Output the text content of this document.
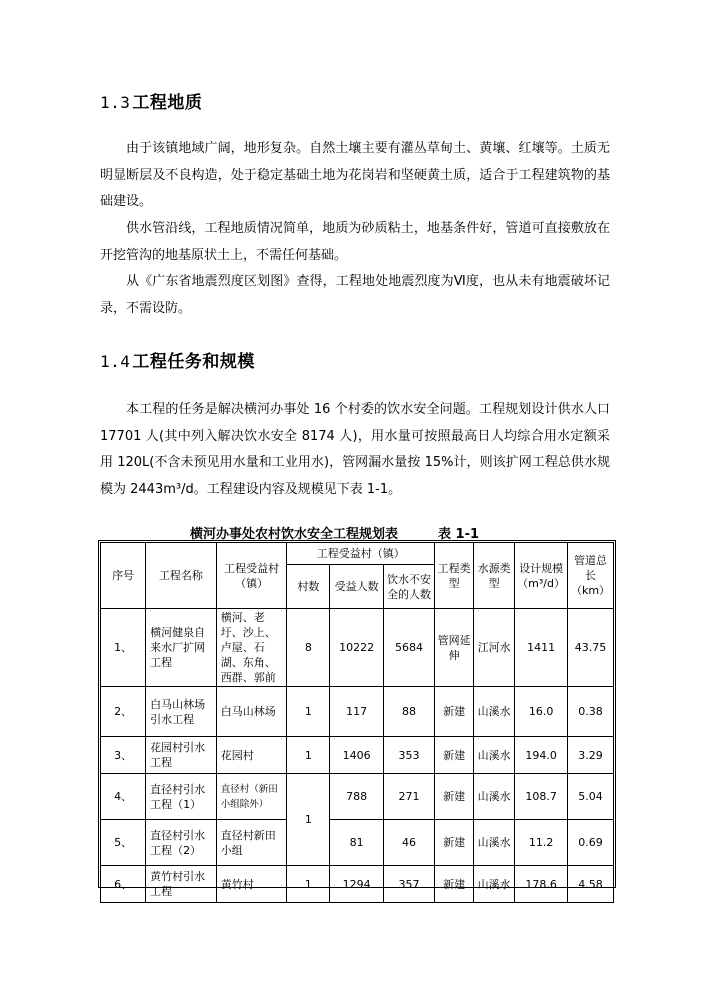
1.3 工程地质
由于该镇地域广阔，地形复杂。自然土壤主要有灌丛草甸土、黄壤、红壤等。土质无明显断层及不良构造，处于稳定基础土地为花岗岩和坚硬黄土质，适合于工程建筑物的基础建设。
供水管沿线，工程地质情况简单，地质为砂质粘土，地基条件好，管道可直接敷放在开挖管沟的地基原状土上，不需任何基础。
从《广东省地震烈度区划图》查得，工程地处地震烈度为Ⅵ度，也从未有地震破坏记录，不需设防。
1.4 工程任务和规模
本工程的任务是解决横河办事处 16 个村委的饮水安全问题。工程规划设计供水人口 17701 人(其中列入解决饮水安全 8174 人)，用水量可按照最高日人均综合用水定额采用 120L(不含未预见用水量和工业用水)，管网漏水量按 15%计，则该扩网工程总供水规模为 2443m³/d。工程建设内容及规模见下表 1-1。
横河办事处农村饮水安全工程规划表	表 1-1
序号	工程名称	工程受益村（镇）	工程受益村（镇）			工程类型	水源类型	设计规模（m³/d）	管道总长（km）
			村数	受益人数	饮水不安全的人数				
1、	横河健泉自来水厂扩网工程	横河、老圩、沙上、卢屋、石湖、东角、西群、郭前	8	10222	5684	管网延伸	江河水	1411	43.75
2、	白马山林场引水工程	白马山林场	1	117	88	新建	山溪水	16.0	0.38
3、	花园村引水工程	花园村	1	1406	353	新建	山溪水	194.0	3.29
4、	直径村引水工程（1）	直径村（新田小组除外）	1	788	271	新建	山溪水	108.7	5.04
5、	直径村引水工程（2）	直径村新田小组		81	46	新建	山溪水	11.2	0.69
6、	黄竹村引水工程	黄竹村	1	1294	357	新建	山溪水	178.6	4.58
